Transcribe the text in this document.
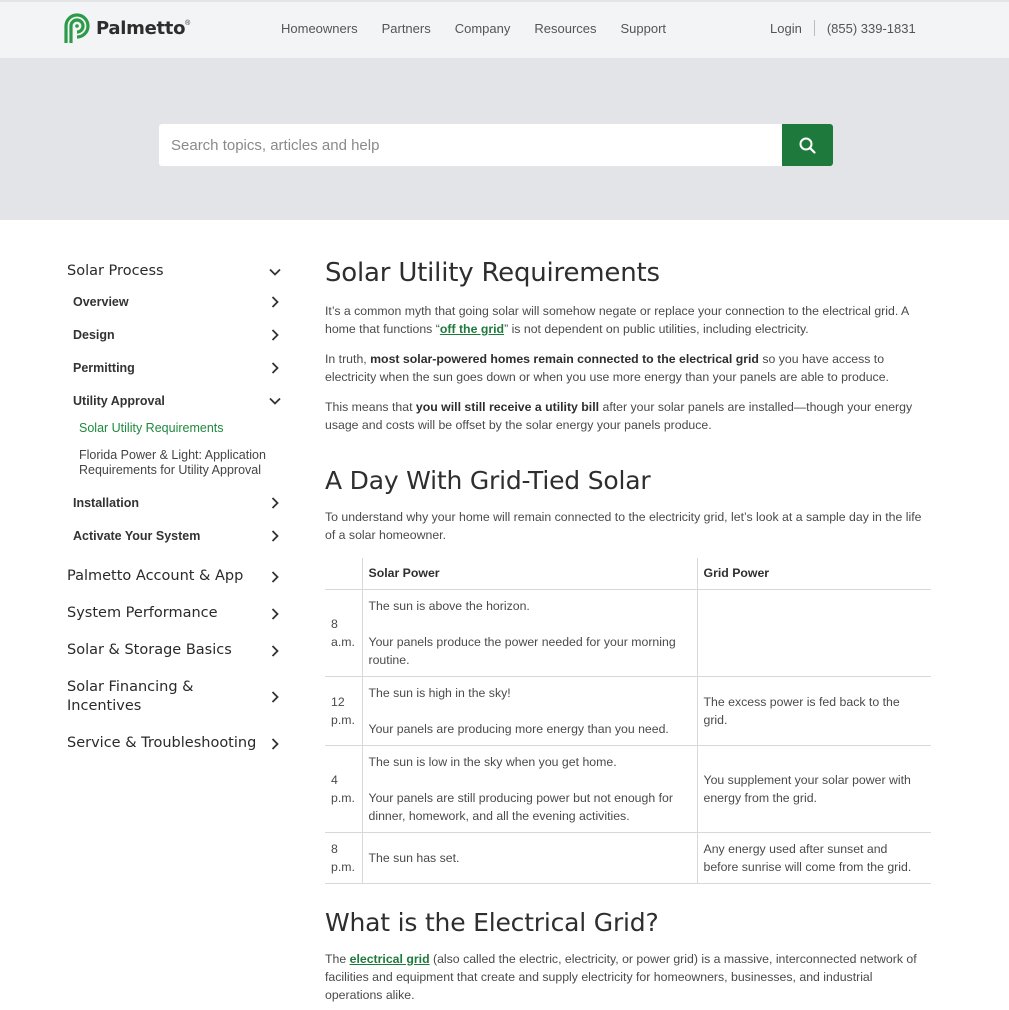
Palmetto®	Homeowners Partners Company Resources Support	Login (855) 339-1831
Search topics, articles and help
Solar Process
Overview
Design
Permitting
Utility Approval
Solar Utility Requirements
Florida Power & Light: Application Requirements for Utility Approval
Installation
Activate Your System
Palmetto Account & App
System Performance
Solar & Storage Basics
Solar Financing & Incentives
Service & Troubleshooting
Solar Utility Requirements

It’s a common myth that going solar will somehow negate or replace your connection to the electrical grid. A home that functions “off the grid” is not dependent on public utilities, including electricity.

In truth, most solar-powered homes remain connected to the electrical grid so you have access to electricity when the sun goes down or when you use more energy than your panels are able to produce.

This means that you will still receive a utility bill after your solar panels are installed—though your energy usage and costs will be offset by the solar energy your panels produce.

A Day With Grid-Tied Solar

To understand why your home will remain connected to the electricity grid, let’s look at a sample day in the life of a solar homeowner.

	Solar Power	Grid Power
8 a.m.	The sun is above the horizon.
Your panels produce the power needed for your morning routine.	

12 p.m.	The sun is high in the sky!
Your panels are producing more energy than you need.	The excess power is fed back to the grid.
4 p.m.	The sun is low in the sky when you get home.
Your panels are still producing power but not enough for dinner, homework, and all the evening activities.	You supplement your solar power with energy from the grid.
8 p.m.	The sun has set.	Any energy used after sunset and before sunrise will come from the grid.
What is the Electrical Grid?

The electrical grid (also called the electric, electricity, or power grid) is a massive, interconnected network of facilities and equipment that create and supply electricity for homeowners, businesses, and industrial operations alike.
